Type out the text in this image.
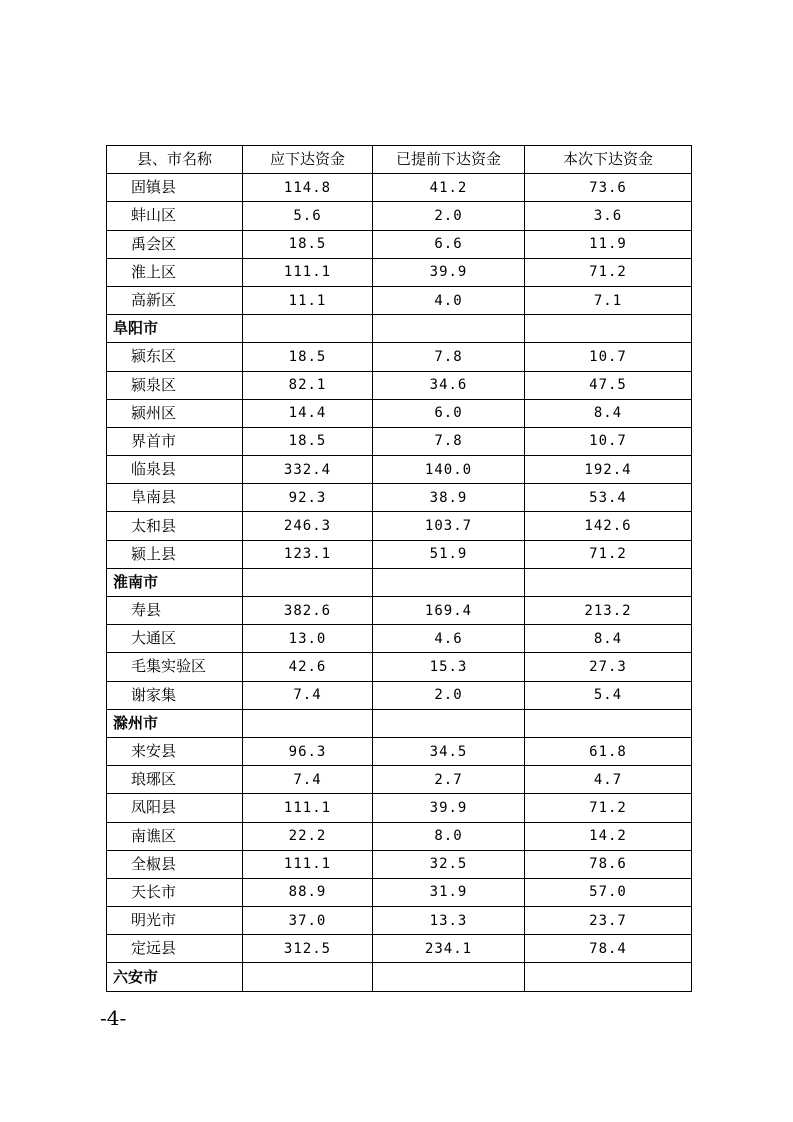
县、市名称	应下达资金	已提前下达资金	本次下达资金
固镇县	114.8	41.2	73.6
蚌山区	5.6	2.0	3.6
禹会区	18.5	6.6	11.9
淮上区	111.1	39.9	71.2
高新区	11.1	4.0	7.1
阜阳市			
颍东区	18.5	7.8	10.7
颍泉区	82.1	34.6	47.5
颍州区	14.4	6.0	8.4
界首市	18.5	7.8	10.7
临泉县	332.4	140.0	192.4
阜南县	92.3	38.9	53.4
太和县	246.3	103.7	142.6
颍上县	123.1	51.9	71.2
淮南市			
寿县	382.6	169.4	213.2
大通区	13.0	4.6	8.4
毛集实验区	42.6	15.3	27.3
谢家集	7.4	2.0	5.4
滁州市			
来安县	96.3	34.5	61.8
琅琊区	7.4	2.7	4.7
凤阳县	111.1	39.9	71.2
南谯区	22.2	8.0	14.2
全椒县	111.1	32.5	78.6
天长市	88.9	31.9	57.0
明光市	37.0	13.3	23.7
定远县	312.5	234.1	78.4
六安市			
-4-
